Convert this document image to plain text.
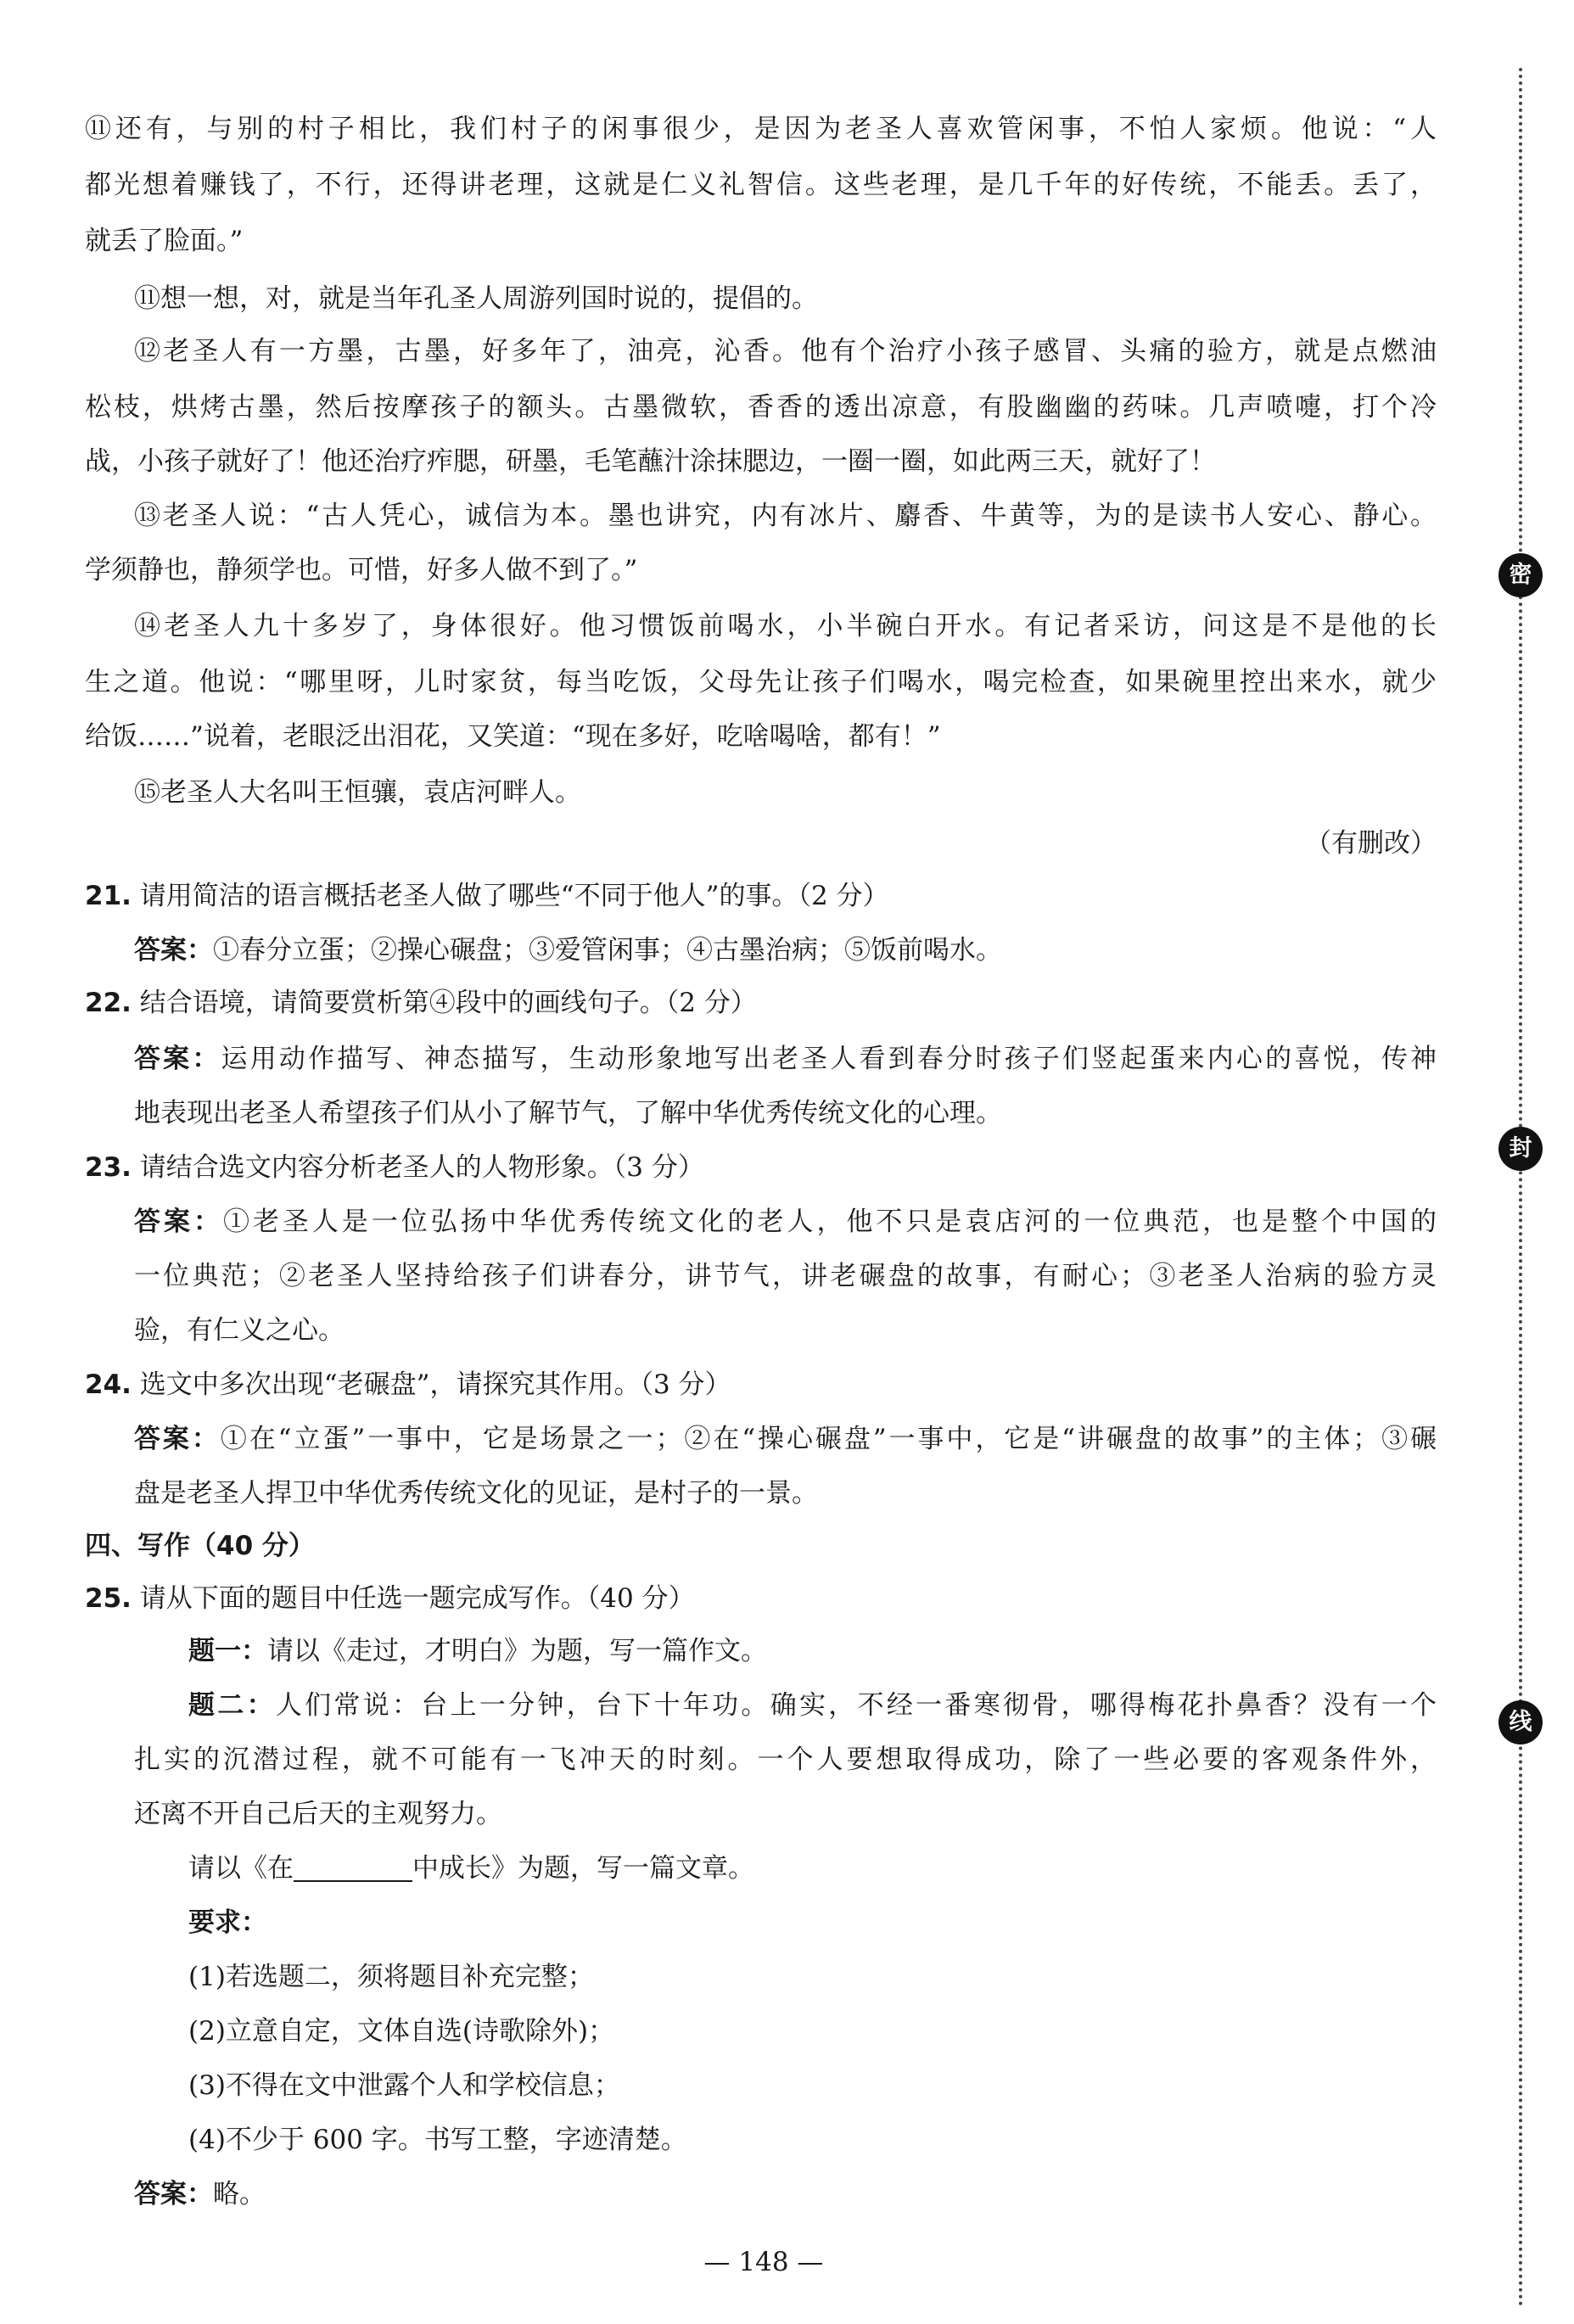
⑪还有，与别的村子相比，我们村子的闲事很少，是因为老圣人喜欢管闲事，不怕人家烦。他说：“人

都光想着赚钱了，不行，还得讲老理，这就是仁义礼智信。这些老理，是几千年的好传统，不能丢。丢了，

就丢了脸面。”

⑪想一想，对，就是当年孔圣人周游列国时说的，提倡的。

⑫老圣人有一方墨，古墨，好多年了，油亮，沁香。他有个治疗小孩子感冒、头痛的验方，就是点燃油

松枝，烘烤古墨，然后按摩孩子的额头。古墨微软，香香的透出凉意，有股幽幽的药味。几声喷嚏，打个冷

战，小孩子就好了！他还治疗痄腮，研墨，毛笔蘸汁涂抹腮边，一圈一圈，如此两三天，就好了！

⑬老圣人说：“古人凭心，诚信为本。墨也讲究，内有冰片、麝香、牛黄等，为的是读书人安心、静心。

学须静也，静须学也。可惜，好多人做不到了。”

⑭老圣人九十多岁了，身体很好。他习惯饭前喝水，小半碗白开水。有记者采访，问这是不是他的长

生之道。他说：“哪里呀，儿时家贫，每当吃饭，父母先让孩子们喝水，喝完检查，如果碗里控出来水，就少

给饭……”说着，老眼泛出泪花，又笑道：“现在多好，吃啥喝啥，都有！”

⑮老圣人大名叫王恒骧，袁店河畔人。

（有删改）

21. 请用简洁的语言概括老圣人做了哪些“不同于他人”的事。（2 分）

答案：①春分立蛋；②操心碾盘；③爱管闲事；④古墨治病；⑤饭前喝水。

22. 结合语境，请简要赏析第④段中的画线句子。（2 分）

答案：运用动作描写、神态描写，生动形象地写出老圣人看到春分时孩子们竖起蛋来内心的喜悦，传神

地表现出老圣人希望孩子们从小了解节气，了解中华优秀传统文化的心理。

23. 请结合选文内容分析老圣人的人物形象。（3 分）

答案：①老圣人是一位弘扬中华优秀传统文化的老人，他不只是袁店河的一位典范，也是整个中国的

一位典范；②老圣人坚持给孩子们讲春分，讲节气，讲老碾盘的故事，有耐心；③老圣人治病的验方灵

验，有仁义之心。

24. 选文中多次出现“老碾盘”，请探究其作用。（3 分）

答案：①在“立蛋”一事中，它是场景之一；②在“操心碾盘”一事中，它是“讲碾盘的故事”的主体；③碾

盘是老圣人捍卫中华优秀传统文化的见证，是村子的一景。

四、写作（40 分）

25. 请从下面的题目中任选一题完成写作。（40 分）

题一：请以《走过，才明白》为题，写一篇作文。

题二：人们常说：台上一分钟，台下十年功。确实，不经一番寒彻骨，哪得梅花扑鼻香？没有一个

扎实的沉潜过程，就不可能有一飞冲天的时刻。一个人要想取得成功，除了一些必要的客观条件外，

还离不开自己后天的主观努力。

请以《在	中成长》为题，写一篇文章。

要求：

(1)若选题二，须将题目补充完整；

(2)立意自定，文体自选(诗歌除外)；

(3)不得在文中泄露个人和学校信息；

(4)不少于 600 字。书写工整，字迹清楚。

答案：略。

密
封
线
— 148 —
